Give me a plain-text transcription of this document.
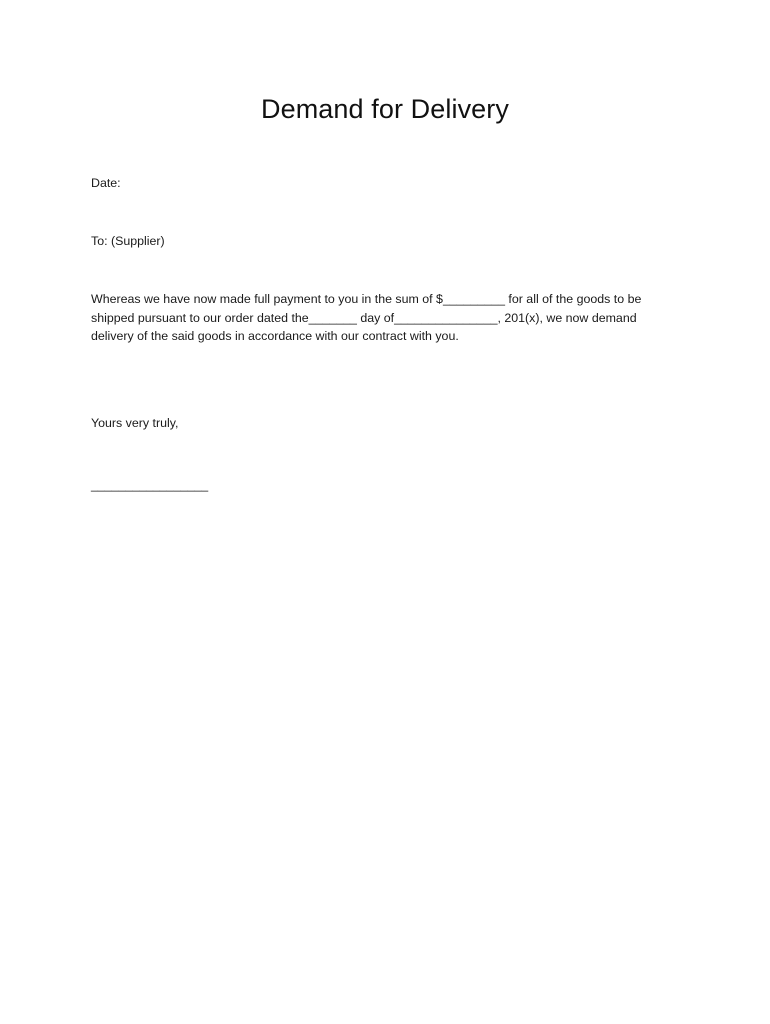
Demand for Delivery

Date:

To: (Supplier)

Whereas we have now made full payment to you in the sum of $_________ for all of the goods to be
shipped pursuant to our order dated the_______ day of_______________, 201(x), we now demand
delivery of the said goods in accordance with our contract with you.

Yours very truly,

_________________
